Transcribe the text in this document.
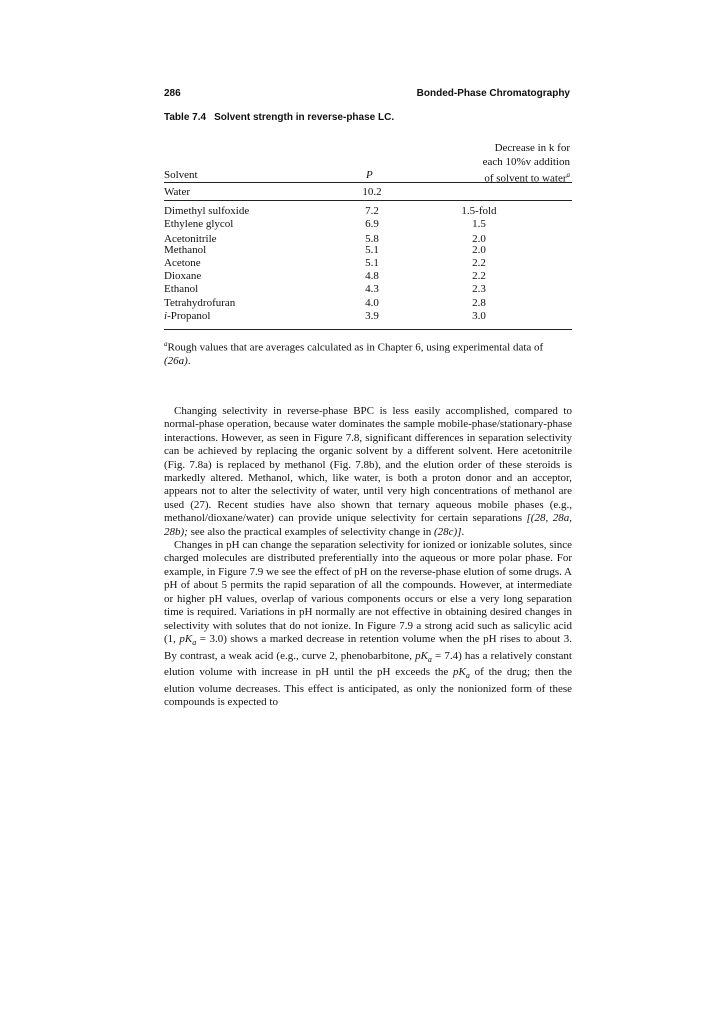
286	Bonded-Phase Chromatography
Table 7.4 Solvent strength in reverse-phase LC.
Decrease in k for
each 10%v addition
of solvent to water$^a$
Solvent	P
Water	10.2
Dimethyl sulfoxide	7.2	1.5-fold
Ethylene glycol	6.9	1.5
Acetonitrile	5.8	2.0
Methanol	5.1	2.0
Acetone	5.1	2.2
Dioxane	4.8	2.2
Ethanol	4.3	2.3
Tetrahydrofuran	4.0	2.8
i-Propanol	3.9	3.0
$^a$Rough values that are averages calculated as in Chapter 6, using experimental data of (26a).

Changing selectivity in reverse-phase BPC is less easily accomplished, compared to normal-phase operation, because water dominates the sample mobile-phase/stationary-phase interactions. However, as seen in Figure 7.8, significant differences in separation selectivity can be achieved by replacing the organic solvent by a different solvent. Here acetonitrile (Fig. 7.8a) is replaced by methanol (Fig. 7.8b), and the elution order of these steroids is markedly altered. Methanol, which, like water, is both a proton donor and an acceptor, appears not to alter the selectivity of water, until very high concentrations of methanol are used (27). Recent studies have also shown that ternary aqueous mobile phases (e.g., methanol/dioxane/water) can provide unique selectivity for certain separations [(28, 28a, 28b); see also the practical examples of selectivity change in (28c)].

Changes in pH can change the separation selectivity for ionized or ionizable solutes, since charged molecules are distributed preferentially into the aqueous or more polar phase. For example, in Figure 7.9 we see the effect of pH on the reverse-phase elution of some drugs. A pH of about 5 permits the rapid separation of all the compounds. However, at intermediate or higher pH values, overlap of various components occurs or else a very long separation time is required. Variations in pH normally are not effective in obtaining desired changes in selectivity with solutes that do not ionize. In Figure 7.9 a strong acid such as salicylic acid (1, $pK_a = 3.0$) shows a marked decrease in retention volume when the pH rises to about 3. By contrast, a weak acid (e.g., curve 2, phenobarbitone, $pK_a = 7.4$) has a relatively constant elution volume with increase in pH until the pH exceeds the $pK_a$ of the drug; then the elution volume decreases. This effect is anticipated, as only the nonionized form of these compounds is expected to
